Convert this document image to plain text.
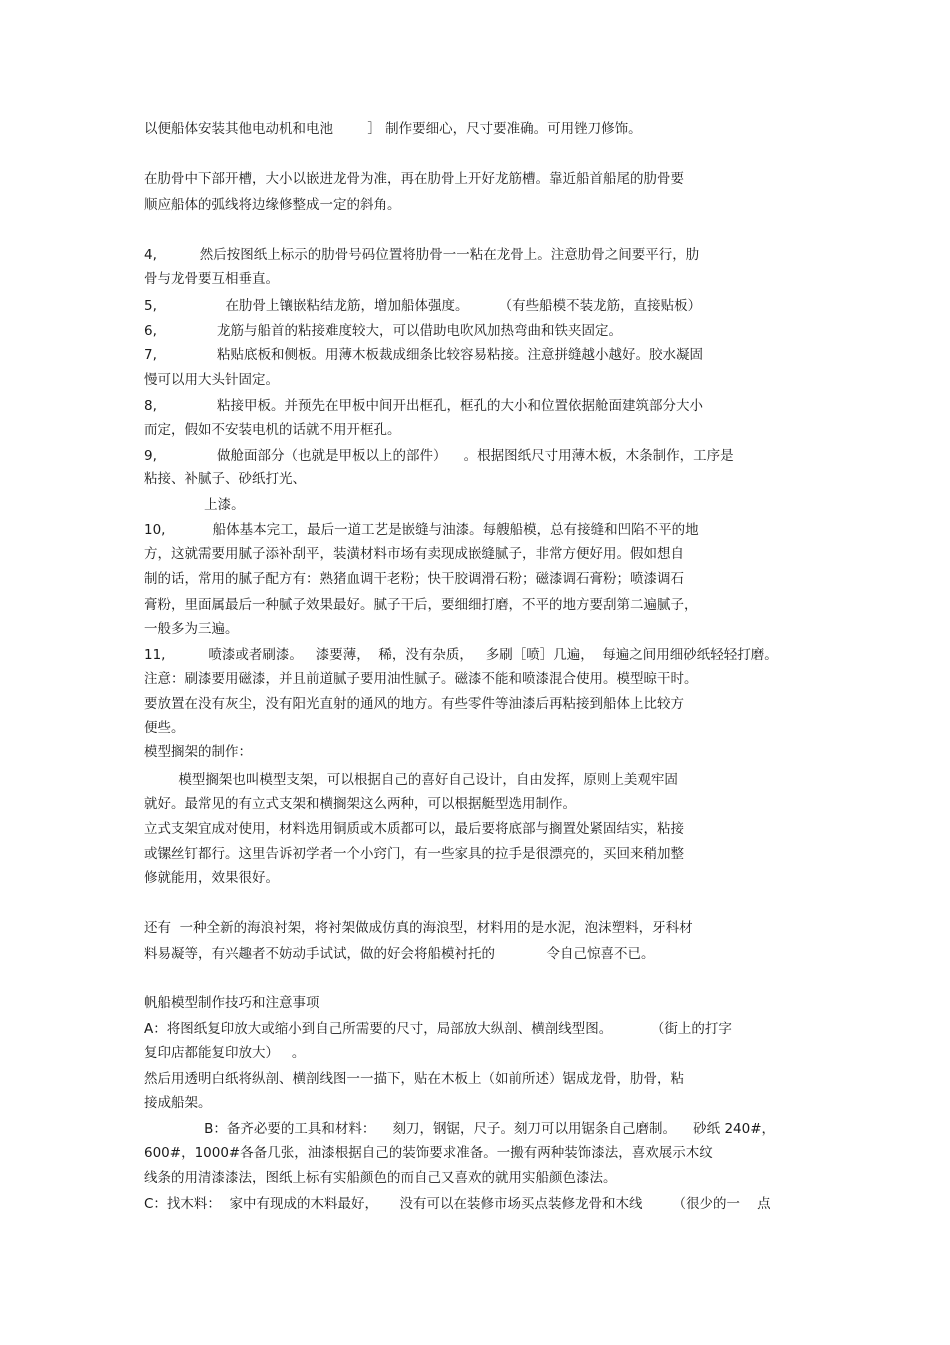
以便船体安装其他电动机和电池        ］ 制作要细心，尺寸要准确。可用锉刀修饰。
在肋骨中下部开槽，大小以嵌进龙骨为准，再在肋骨上开好龙筋槽。靠近船首船尾的肋骨要
顺应船体的弧线将边缘修整成一定的斜角。
4,          然后按图纸上标示的肋骨号码位置将肋骨一一粘在龙骨上。注意肋骨之间要平行，肋
骨与龙骨要互相垂直。
5,                在肋骨上镶嵌粘结龙筋，增加船体强度。       （有些船模不装龙筋，直接贴板）
6,              龙筋与船首的粘接难度较大，可以借助电吹风加热弯曲和铁夹固定。
7,              粘贴底板和侧板。用薄木板裁成细条比较容易粘接。注意拼缝越小越好。胶水凝固
慢可以用大头针固定。
8,              粘接甲板。并预先在甲板中间开出框孔，框孔的大小和位置依据舱面建筑部分大小
而定，假如不安装电机的话就不用开框孔。
9,              做舱面部分（也就是甲板以上的部件）    。根据图纸尺寸用薄木板，木条制作，工序是
粘接、补腻子、砂纸打光、
上漆。
10,           船体基本完工，最后一道工艺是嵌缝与油漆。每艘船模，总有接缝和凹陷不平的地
方，这就需要用腻子添补刮平，装潢材料市场有卖现成嵌缝腻子，非常方便好用。假如想自
制的话，常用的腻子配方有：熟猪血调干老粉；快干胶调滑石粉；磁漆调石膏粉；喷漆调石
膏粉，里面属最后一种腻子效果最好。腻子干后，要细细打磨，不平的地方要刮第二遍腻子，
一般多为三遍。
11,          喷漆或者刷漆。   漆要薄，  稀，没有杂质，   多刷［喷］几遍，  每遍之间用细砂纸轻轻打磨。
注意：刷漆要用磁漆，并且前道腻子要用油性腻子。磁漆不能和喷漆混合使用。模型晾干时。
要放置在没有灰尘，没有阳光直射的通风的地方。有些零件等油漆后再粘接到船体上比较方
便些。
模型搁架的制作：
模型搁架也叫模型支架，可以根据自己的喜好自己设计，自由发挥，原则上美观牢固
就好。最常见的有立式支架和横搁架这么两种，可以根据艇型选用制作。
立式支架宜成对使用，材料选用铜质或木质都可以，最后要将底部与搁置处紧固结实，粘接
或镙丝钉都行。这里告诉初学者一个小窍门，有一些家具的拉手是很漂亮的，买回来稍加整
修就能用，效果很好。
还有  一种全新的海浪衬架，将衬架做成仿真的海浪型，材料用的是水泥，泡沫塑料，牙科材
料易凝等，有兴趣者不妨动手试试，做的好会将船模衬托的            令自己惊喜不已。
帆船模型制作技巧和注意事项
A：将图纸复印放大或缩小到自己所需要的尺寸，局部放大纵剖、横剖线型图。         （街上的打字
复印店都能复印放大）   。
然后用透明白纸将纵剖、横剖线图一一描下，贴在木板上（如前所述）锯成龙骨，肋骨，粘
接成船架。
B：备齐必要的工具和材料：    刻刀，钢锯，尺子。刻刀可以用锯条自己磨制。    砂纸 240#，
600#，1000#各备几张，油漆根据自己的装饰要求准备。一搬有两种装饰漆法，喜欢展示木纹
线条的用清漆漆法，图纸上标有实船颜色的而自己又喜欢的就用实船颜色漆法。
C：找木料：  家中有现成的木料最好，     没有可以在装修市场买点装修龙骨和木线       （很少的一    点
